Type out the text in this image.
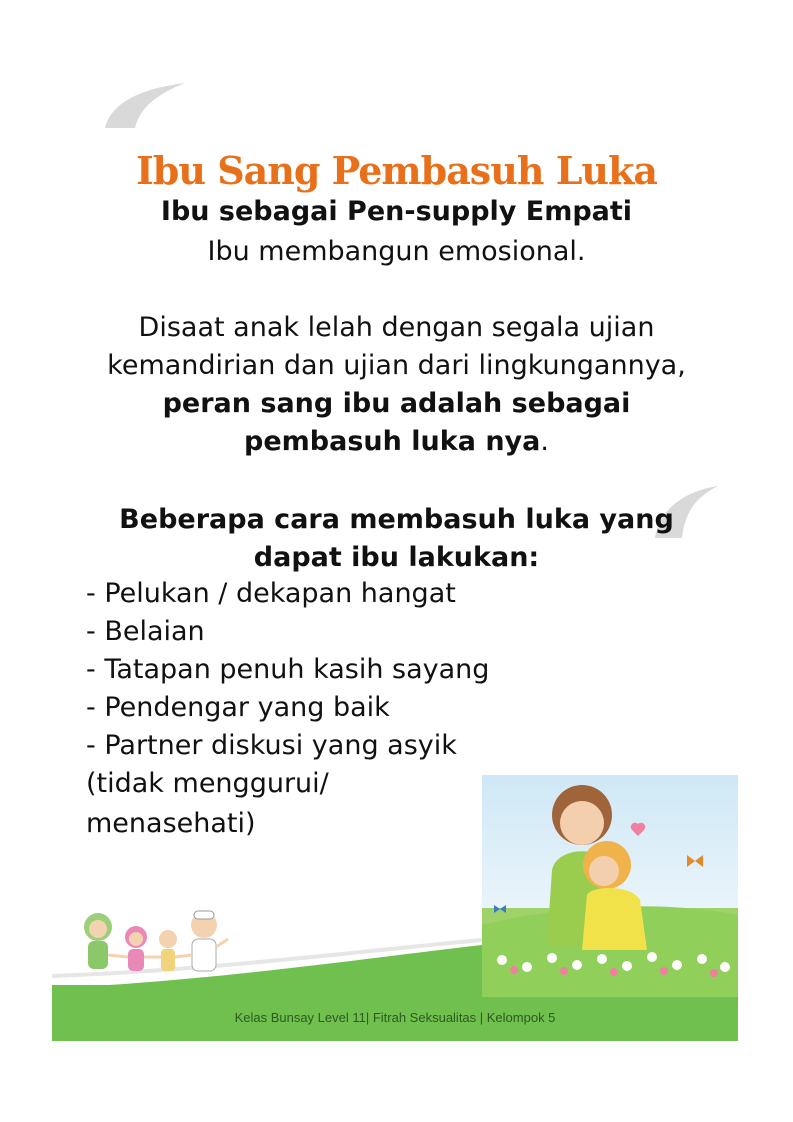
Ibu Sang Pembasuh Luka
Ibu sebagai Pen-supply Empati
Ibu membangun emosional.
Disaat anak lelah dengan segala ujian
kemandirian dan ujian dari lingkungannya,
peran sang ibu adalah sebagai
pembasuh luka nya.
Beberapa cara membasuh luka yang
dapat ibu lakukan:
- Pelukan / dekapan hangat
- Belaian
- Tatapan penuh kasih sayang
- Pendengar yang baik
- Partner diskusi yang asyik
(tidak menggurui/
menasehati)
Kelas Bunsay Level 11| Fitrah Seksualitas | Kelompok 5
